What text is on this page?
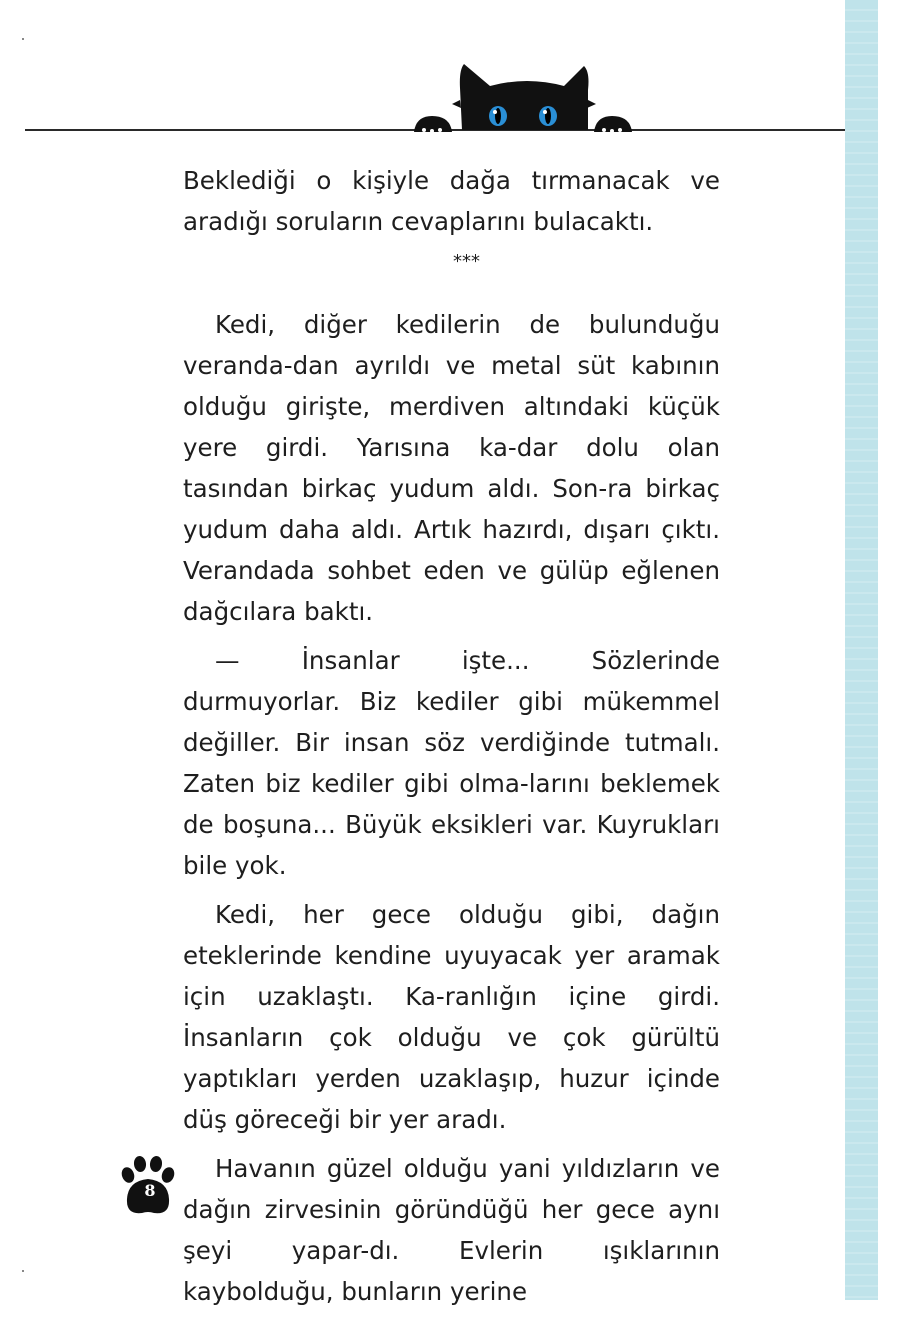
Beklediği o kişiyle dağa tırmanacak ve aradığı soruların cevaplarını bulacaktı.

***

Kedi, diğer kedilerin de bulunduğu veranda-dan ayrıldı ve metal süt kabının olduğu girişte, merdiven altındaki küçük yere girdi. Yarısına ka-dar dolu olan tasından birkaç yudum aldı. Son-ra birkaç yudum daha aldı. Artık hazırdı, dışarı çıktı. Verandada sohbet eden ve gülüp eğlenen dağcılara baktı.

— İnsanlar işte... Sözlerinde durmuyorlar. Biz kediler gibi mükemmel değiller. Bir insan söz verdiğinde tutmalı. Zaten biz kediler gibi olma-larını beklemek de boşuna... Büyük eksikleri var. Kuyrukları bile yok.

Kedi, her gece olduğu gibi, dağın eteklerinde kendine uyuyacak yer aramak için uzaklaştı. Ka-ranlığın içine girdi. İnsanların çok olduğu ve çok gürültü yaptıkları yerden uzaklaşıp, huzur içinde düş göreceği bir yer aradı.

Havanın güzel olduğu yani yıldızların ve dağın zirvesinin göründüğü her gece aynı şeyi yapar-dı. Evlerin ışıklarının kaybolduğu, bunların yerine

8
